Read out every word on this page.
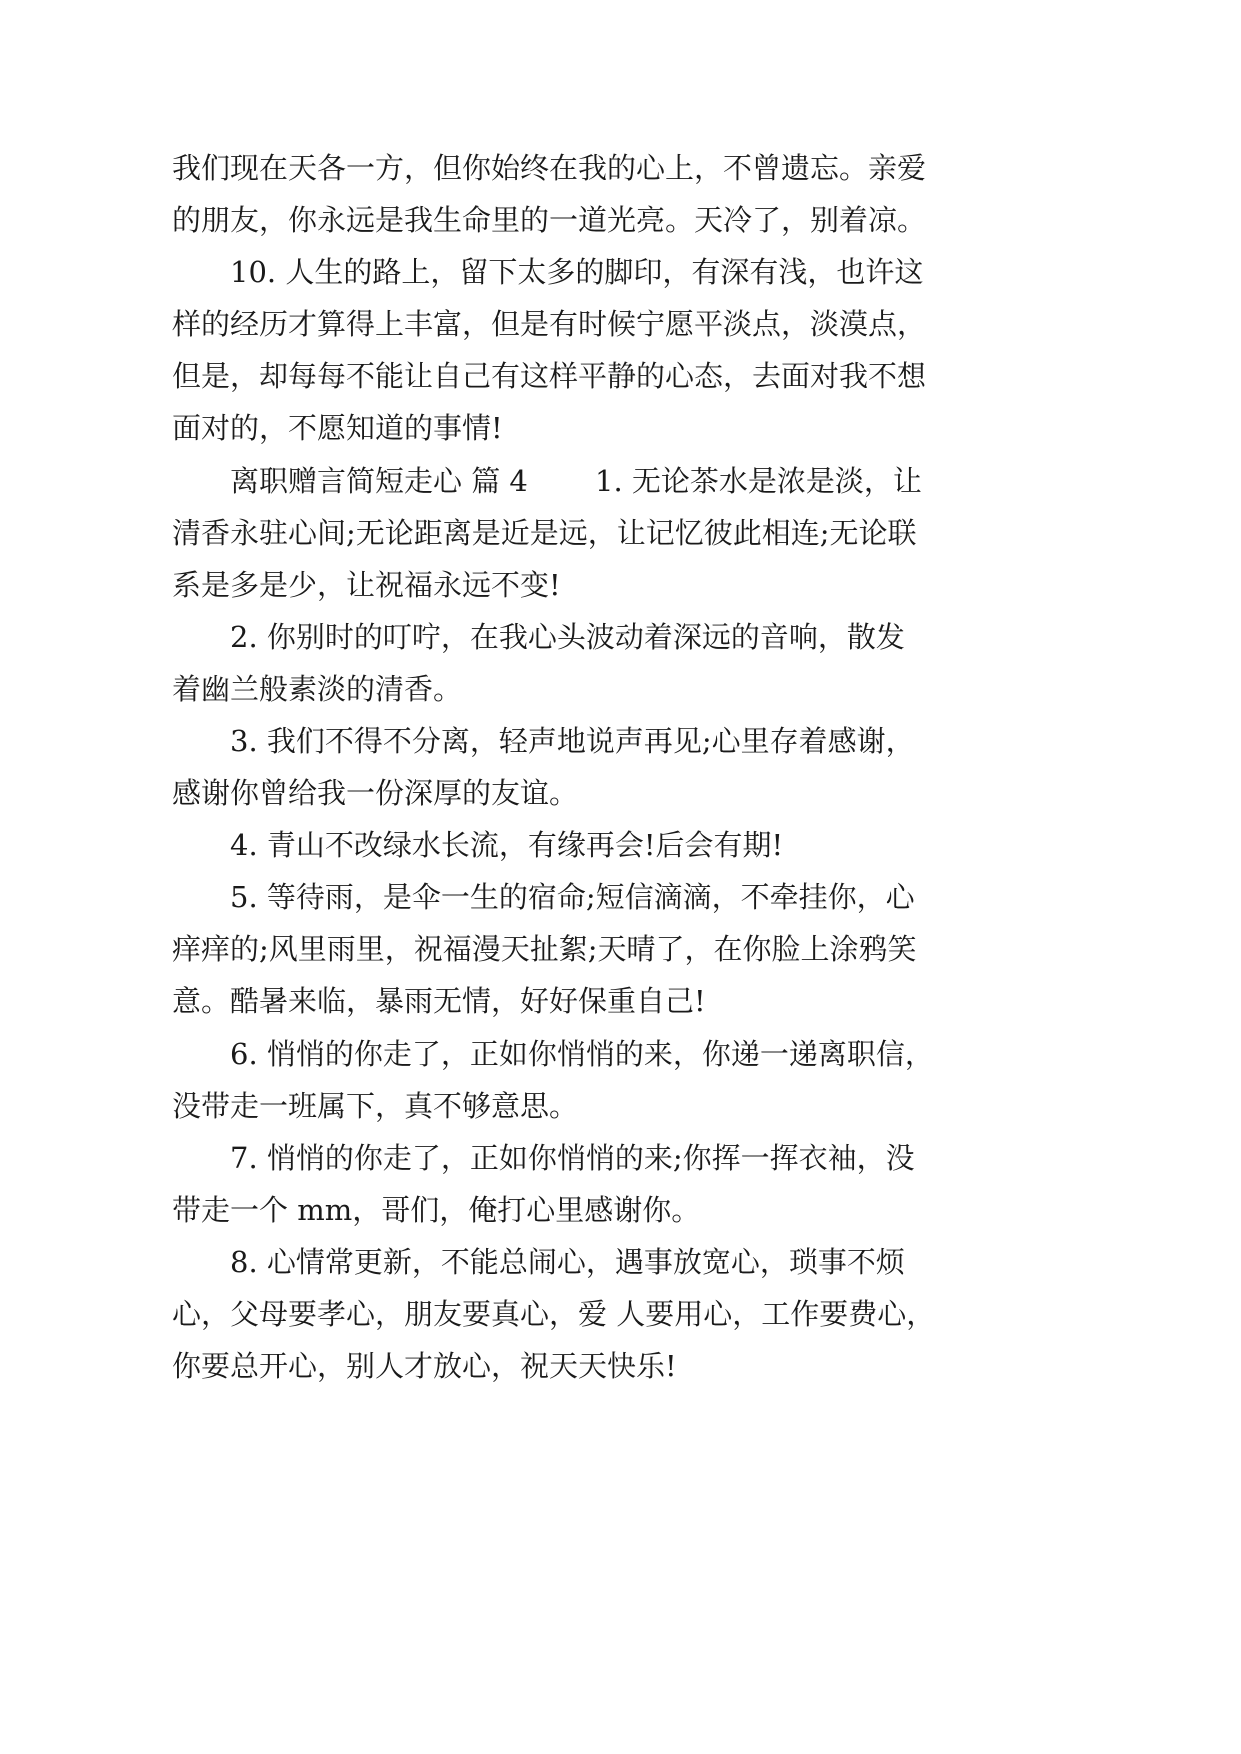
我们现在天各一方，但你始终在我的心上，不曾遗忘。亲爱
的朋友，你永远是我生命里的一道光亮。天冷了，别着凉。
10. 人生的路上，留下太多的脚印，有深有浅，也许这
样的经历才算得上丰富，但是有时候宁愿平淡点，淡漠点，
但是，却每每不能让自己有这样平静的心态，去面对我不想
面对的，不愿知道的事情!
离职赠言简短走心 篇 4 1. 无论茶水是浓是淡，让
清香永驻心间;无论距离是近是远，让记忆彼此相连;无论联
系是多是少，让祝福永远不变!
2. 你别时的叮咛，在我心头波动着深远的音响，散发
着幽兰般素淡的清香。
3. 我们不得不分离，轻声地说声再见;心里存着感谢，
感谢你曾给我一份深厚的友谊。
4. 青山不改绿水长流，有缘再会!后会有期!
5. 等待雨，是伞一生的宿命;短信滴滴，不牵挂你，心
痒痒的;风里雨里，祝福漫天扯絮;天晴了，在你脸上涂鸦笑
意。酷暑来临，暴雨无情，好好保重自己!
6. 悄悄的你走了，正如你悄悄的来，你递一递离职信，
没带走一班属下，真不够意思。
7. 悄悄的你走了，正如你悄悄的来;你挥一挥衣袖，没
带走一个 mm，哥们，俺打心里感谢你。
8. 心情常更新，不能总闹心，遇事放宽心，琐事不烦
心，父母要孝心，朋友要真心，爱 人要用心，工作要费心，
你要总开心，别人才放心，祝天天快乐!
